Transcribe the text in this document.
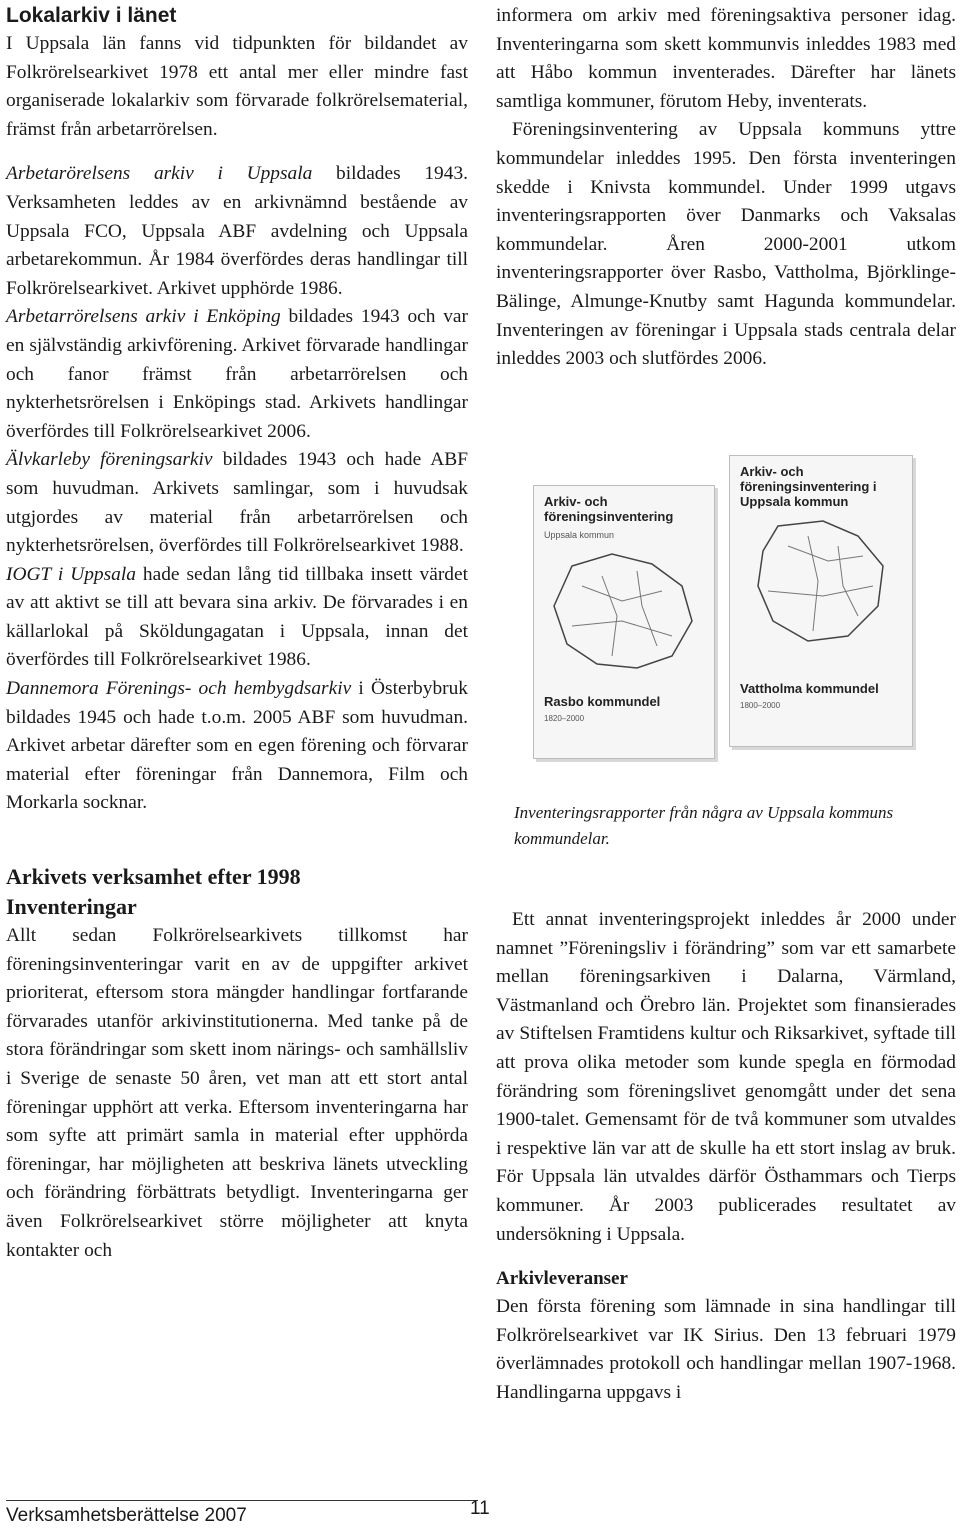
Lokalarkiv i länet

I Uppsala län fanns vid tidpunkten för bildandet av Folkrörelsearkivet 1978 ett antal mer eller mindre fast organiserade lokalarkiv som förvarade folkrörelsematerial, främst från arbetarrörelsen.

Arbetarörelsens arkiv i Uppsala bildades 1943. Verksamheten leddes av en arkivnämnd bestående av Uppsala FCO, Uppsala ABF avdelning och Uppsala arbetarekommun. År 1984 överfördes deras handlingar till Folkrörelsearkivet. Arkivet upphörde 1986.

Arbetarrörelsens arkiv i Enköping bildades 1943 och var en självständig arkivförening. Arkivet förvarade handlingar och fanor främst från arbetarrörelsen och nykterhetsrörelsen i Enköpings stad. Arkivets handlingar överfördes till Folkrörelsearkivet 2006.

Älvkarleby föreningsarkiv bildades 1943 och hade ABF som huvudman. Arkivets samlingar, som i huvudsak utgjordes av material från arbetarrörelsen och nykterhetsrörelsen, överfördes till Folkrörelsearkivet 1988.

IOGT i Uppsala hade sedan lång tid tillbaka insett värdet av att aktivt se till att bevara sina arkiv. De förvarades i en källarlokal på Sköldungagatan i Uppsala, innan det överfördes till Folkrörelsearkivet 1986.

Dannemora Förenings- och hembygdsarkiv i Österbybruk bildades 1945 och hade t.o.m. 2005 ABF som huvudman. Arkivet arbetar därefter som en egen förening och förvarar material efter föreningar från Dannemora, Film och Morkarla socknar.

Arkivets verksamhet efter 1998
Inventeringar

Allt sedan Folkrörelsearkivets tillkomst har föreningsinventeringar varit en av de uppgifter arkivet prioriterat, eftersom stora mängder handlingar fortfarande förvarades utanför arkivinstitutionerna. Med tanke på de stora förändringar som skett inom närings- och samhällsliv i Sverige de senaste 50 åren, vet man att ett stort antal föreningar upphört att verka. Eftersom inventeringarna har som syfte att primärt samla in material efter upphörda föreningar, har möjligheten att beskriva länets utveckling och förändring förbättrats betydligt. Inventeringarna ger även Folkrörelsearkivet större möjligheter att knyta kontakter och

informera om arkiv med föreningsaktiva personer idag. Inventeringarna som skett kommunvis inleddes 1983 med att Håbo kommun inventerades. Därefter har länets samtliga kommuner, förutom Heby, inventerats.

Föreningsinventering av Uppsala kommuns yttre kommundelar inleddes 1995. Den första inventeringen skedde i Knivsta kommundel. Under 1999 utgavs inventeringsrapporten över Danmarks och Vaksalas kommundelar. Åren 2000-2001 utkom inventeringsrapporter över Rasbo, Vattholma, Björklinge-Bälinge, Almunge-Knutby samt Hagunda kommundelar. Inventeringen av föreningar i Uppsala stads centrala delar inleddes 2003 och slutfördes 2006.

Arkiv- och föreningsinventering
Uppsala kommun
Rasbo kommundel
1820–2000
Arkiv- och föreningsinventering i Uppsala kommun
Vattholma kommundel
1800–2000
Inventeringsrapporter från några av Uppsala kommuns kommundelar.

Ett annat inventeringsprojekt inleddes år 2000 under namnet ”Föreningsliv i förändring” som var ett samarbete mellan föreningsarkiven i Dalarna, Värmland, Västmanland och Örebro län. Projektet som finansierades av Stiftelsen Framtidens kultur och Riksarkivet, syftade till att prova olika metoder som kunde spegla en förmodad förändring som föreningslivet genomgått under det sena 1900-talet. Gemensamt för de två kommuner som utvaldes i respektive län var att de skulle ha ett stort inslag av bruk. För Uppsala län utvaldes därför Östhammars och Tierps kommuner. År 2003 publicerades resultatet av undersökning i Uppsala.

Arkivleveranser

Den första förening som lämnade in sina handlingar till Folkrörelsearkivet var IK Sirius. Den 13 februari 1979 överlämnades protokoll och handlingar mellan 1907-1968. Handlingarna uppgavs i

Verksamhetsberättelse 2007	11
